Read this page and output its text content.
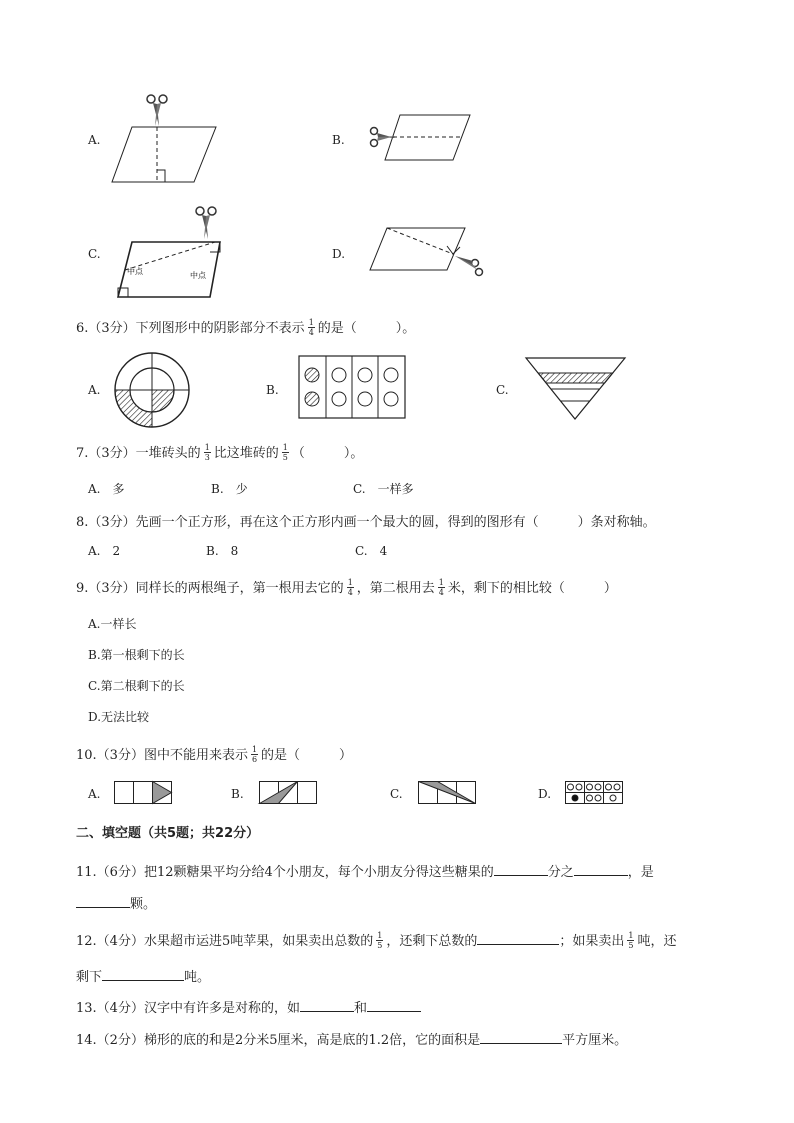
A.	B.
C.
中点	中点
D.
6.（3分）下列图形中的阴影部分不表示 $\frac{1}{4}$ 的是（　　　）。
A.	B.	C.
7.（3分）一堆砖头的 $\frac{1}{3}$ 比这堆砖的 $\frac{1}{5}$ （　　　）。
A.　多	B.　少	C.　一样多
8.（3分）先画一个正方形，再在这个正方形内画一个最大的圆，得到的图形有（　　　）条对称轴。
A.　2	B.　8	C.　4
9.（3分）同样长的两根绳子，第一根用去它的 $\frac{1}{4}$ ，第二根用去 $\frac{1}{4}$ 米，剩下的相比较（　　　）
A.一样长
B.第一根剩下的长
C.第二根剩下的长
D.无法比较
10.（3分）图中不能用来表示 $\frac{1}{6}$ 的是（　　　）
A.	B.	C.	D.
二、填空题（共5题；共22分）
11.（6分）把12颗糖果平均分给4个小朋友，每个小朋友分得这些糖果的	分之	，是
颗。
12.（4分）水果超市运进5吨苹果，如果卖出总数的 $\frac{1}{5}$ ，还剩下总数的	；如果卖出 $\frac{1}{5}$ 吨，还
剩下	吨。
13.（4分）汉字中有许多是对称的，如	和
14.（2分）梯形的底的和是2分米5厘米，高是底的1.2倍，它的面积是	平方厘米。
